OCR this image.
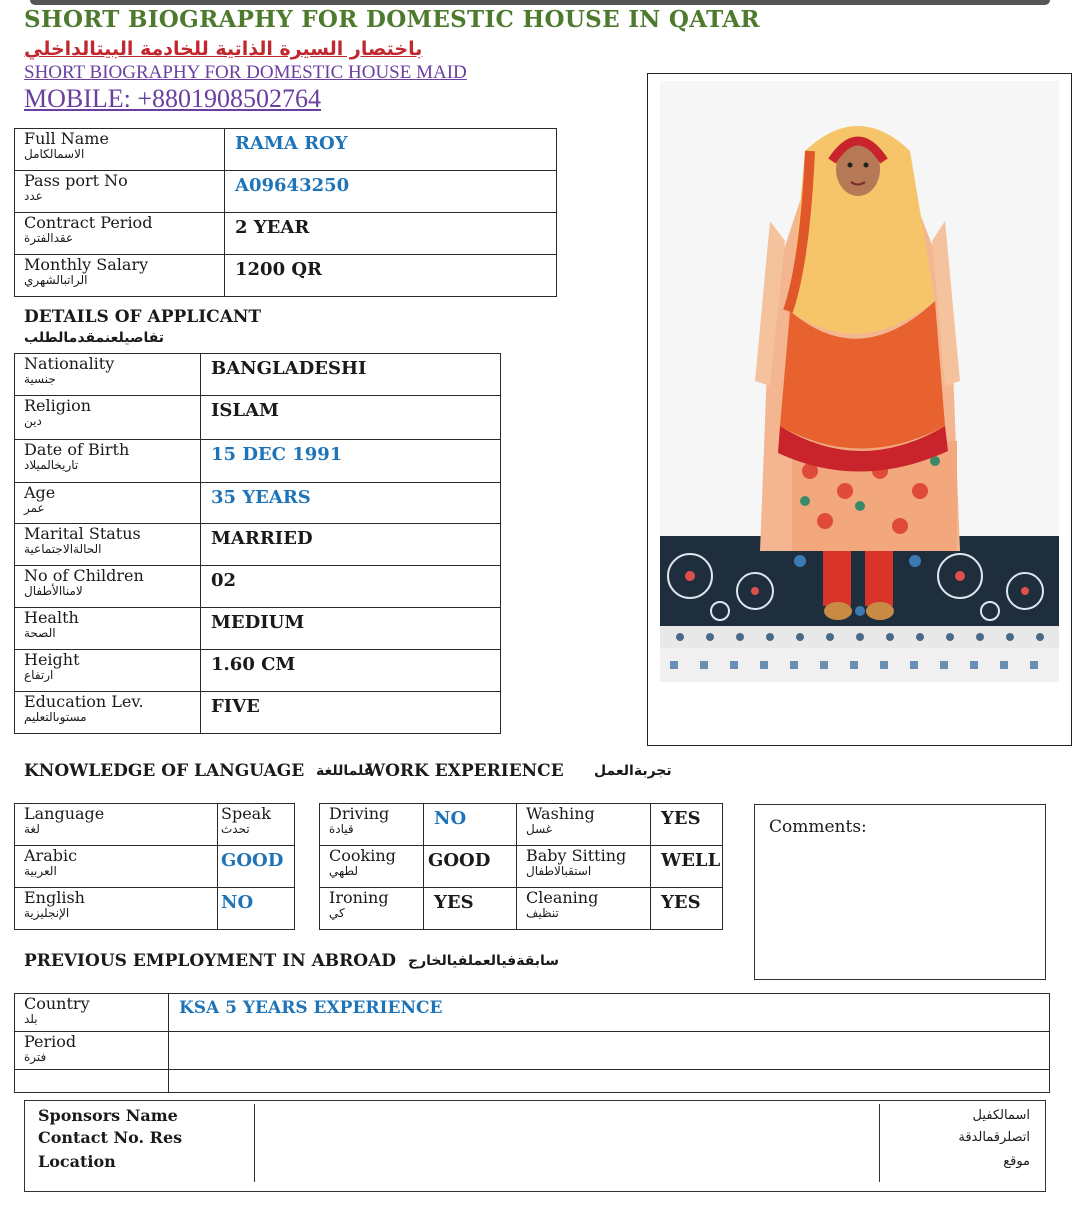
SHORT BIOGRAPHY FOR DOMESTIC HOUSE IN QATAR
باختصار السيرة الذاتية للخادمة البيتالداخلي
SHORT BIOGRAPHY FOR DOMESTIC HOUSE MAID
MOBILE: +8801908502764
Full Name
الاسمالكامل	RAMA ROY

Pass port No
عدد	A09643250

Contract Period
عقدالفترة	2 YEAR

Monthly Salary
الراتبالشهري	1200 QR
DETAILS OF APPLICANT
تفاصيلعنمقدمالطلب
Nationality
جنسية	BANGLADESHI

Religion
دين	ISLAM

Date of Birth
تاريخالميلاد	15 DEC 1991

Age
عمر	35 YEARS

Marital Status
الحالةالاجتماعية	MARRIED

No of Children
لامناالأطفال	02

Health
الصحة	MEDIUM

Height
ارتفاع	1.60 CM

Education Lev.
مستوىالتعليم	FIVE
KNOWLEDGE OF LANGUAGE علماللغة
WORK EXPERIENCE تجربةالعمل
Language
لغة	Speak
تحدث

Arabic
العربية	GOOD

English
الإنجليزية	NO
Driving
قيادة	NO	Washing
غسل	YES

Cooking
لطهي	GOOD	Baby Sitting
استقبالاطفال	WELL

Ironing
كي	YES	Cleaning
تنظيف	YES
Comments:
PREVIOUS EMPLOYMENT IN ABROAD سابقةفيالعملفيالخارج
Country
بلد	KSA 5 YEARS EXPERIENCE

Period
فترة	

Sponsors Name		اسمالكفيل
Contact No. Res		اتصلرقمالدقة
Location		موقع
